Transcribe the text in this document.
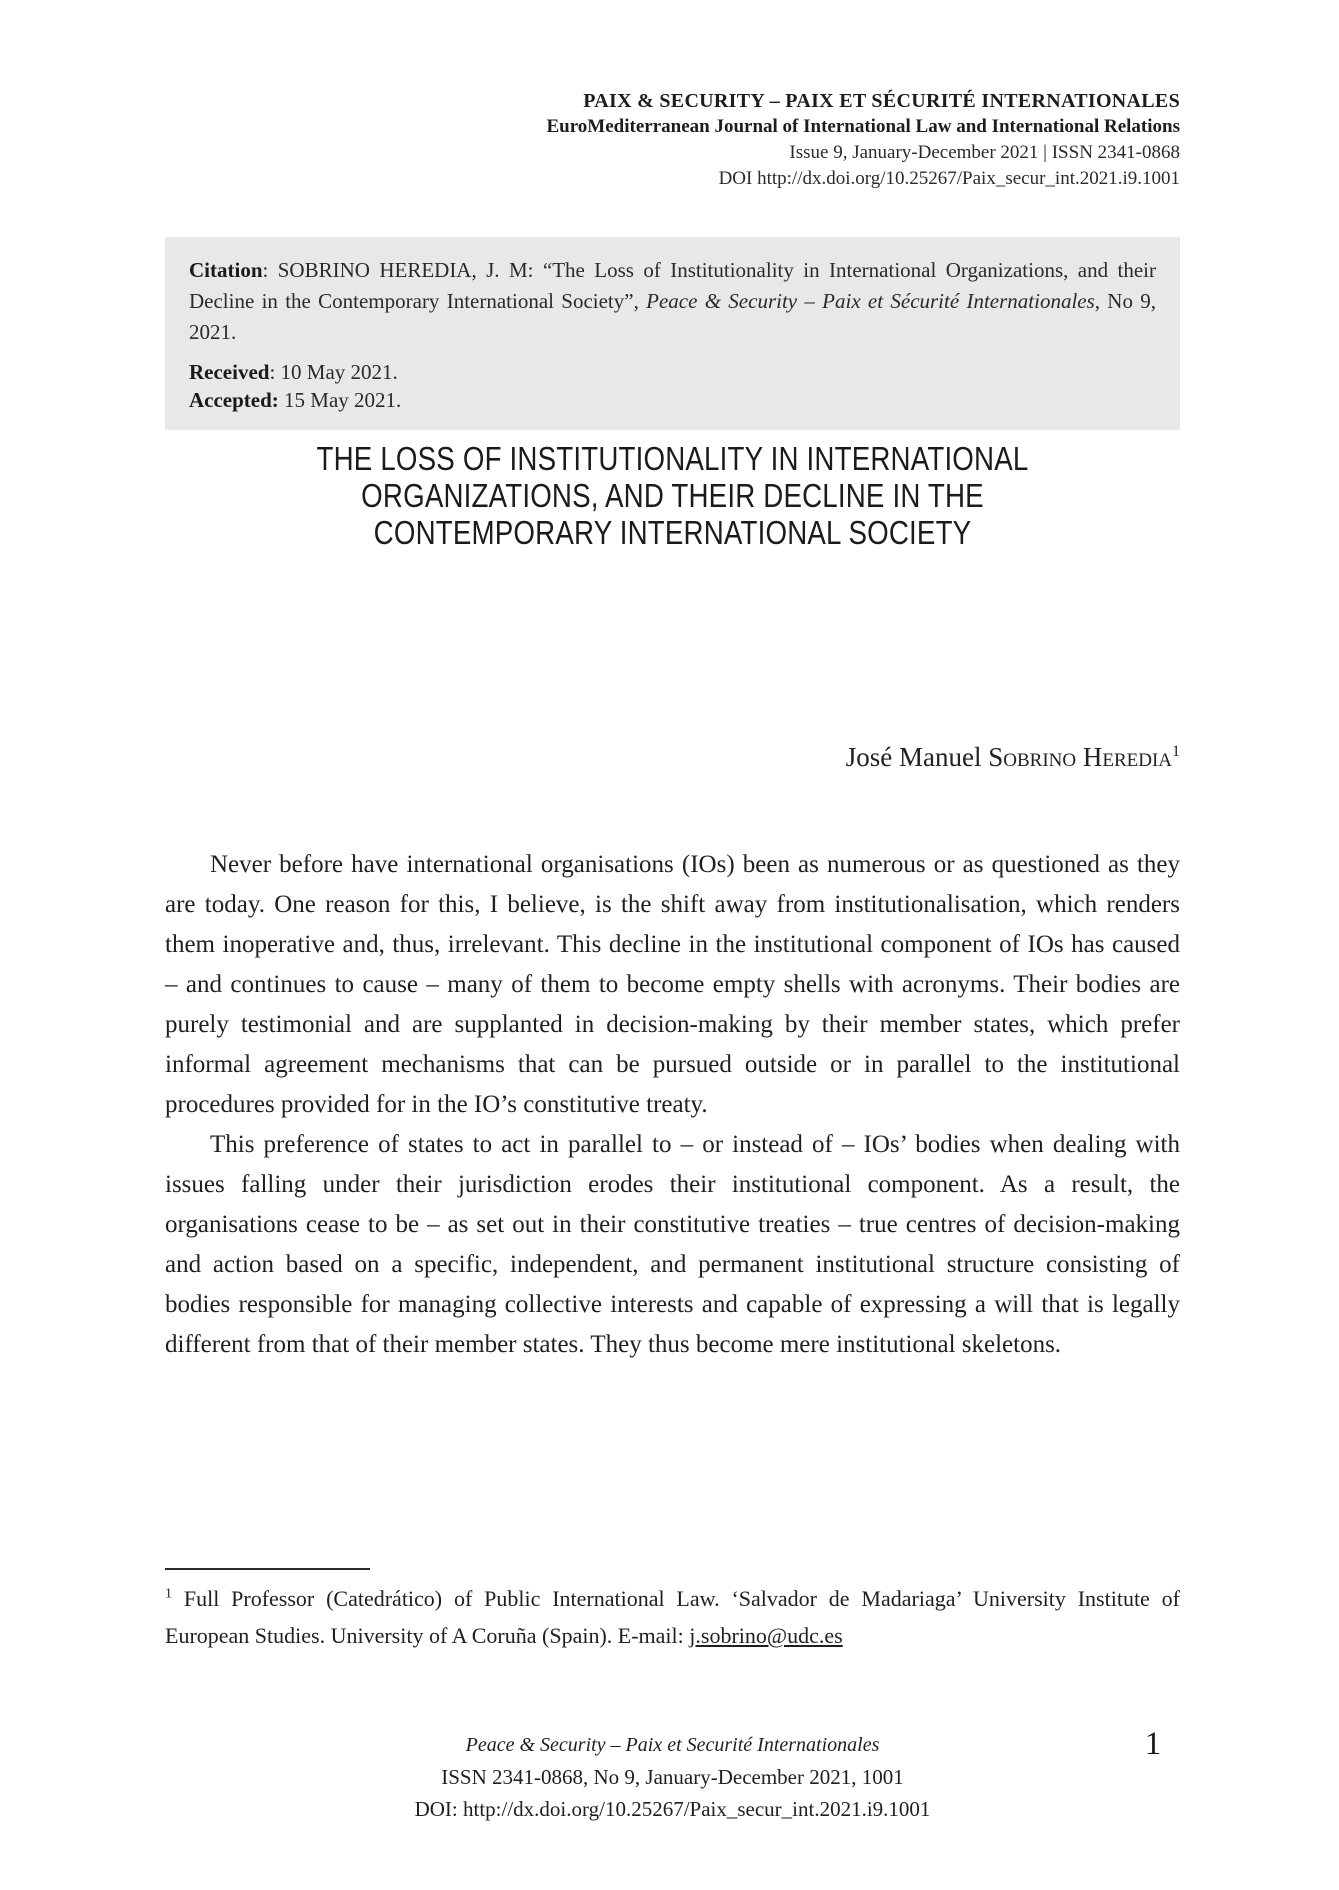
PAIX & SECURITY – PAIX ET SÉCURITÉ INTERNATIONALES
EuroMediterranean Journal of International Law and International Relations
Issue 9, January-December 2021 | ISSN 2341-0868
DOI http://dx.doi.org/10.25267/Paix_secur_int.2021.i9.1001

Citation: SOBRINO HEREDIA, J. M: “The Loss of Institutionality in International Organizations, and their Decline in the Contemporary International Society”, Peace & Security – Paix et Sécurité Internationales, No 9, 2021.

Received: 10 May 2021.

Accepted: 15 May 2021.

THE LOSS OF INSTITUTIONALITY IN INTERNATIONAL
ORGANIZATIONS, AND THEIR DECLINE IN THE
CONTEMPORARY INTERNATIONAL SOCIETY
José Manuel Sobrino Heredia$^1$

Never before have international organisations (IOs) been as numerous or as questioned as they are today. One reason for this, I believe, is the shift away from institutionalisation, which renders them inoperative and, thus, irrelevant. This decline in the institutional component of IOs has caused – and continues to cause – many of them to become empty shells with acronyms. Their bodies are purely testimonial and are supplanted in decision-making by their member states, which prefer informal agreement mechanisms that can be pursued outside or in parallel to the institutional procedures provided for in the IO’s constitutive treaty.

This preference of states to act in parallel to – or instead of – IOs’ bodies when dealing with issues falling under their jurisdiction erodes their institutional component. As a result, the organisations cease to be – as set out in their constitutive treaties – true centres of decision-making and action based on a specific, independent, and permanent institutional structure consisting of bodies responsible for managing collective interests and capable of expressing a will that is legally different from that of their member states. They thus become mere institutional skeletons.

$^1$ Full Professor (Catedrático) of Public International Law. ‘Salvador de Madariaga’ University Institute of European Studies. University of A Coruña (Spain). E-mail: j.sobrino@udc.es

Peace & Security – Paix et Securité Internationales
ISSN 2341-0868, No 9, January-December 2021, 1001
DOI: http://dx.doi.org/10.25267/Paix_secur_int.2021.i9.1001
1
